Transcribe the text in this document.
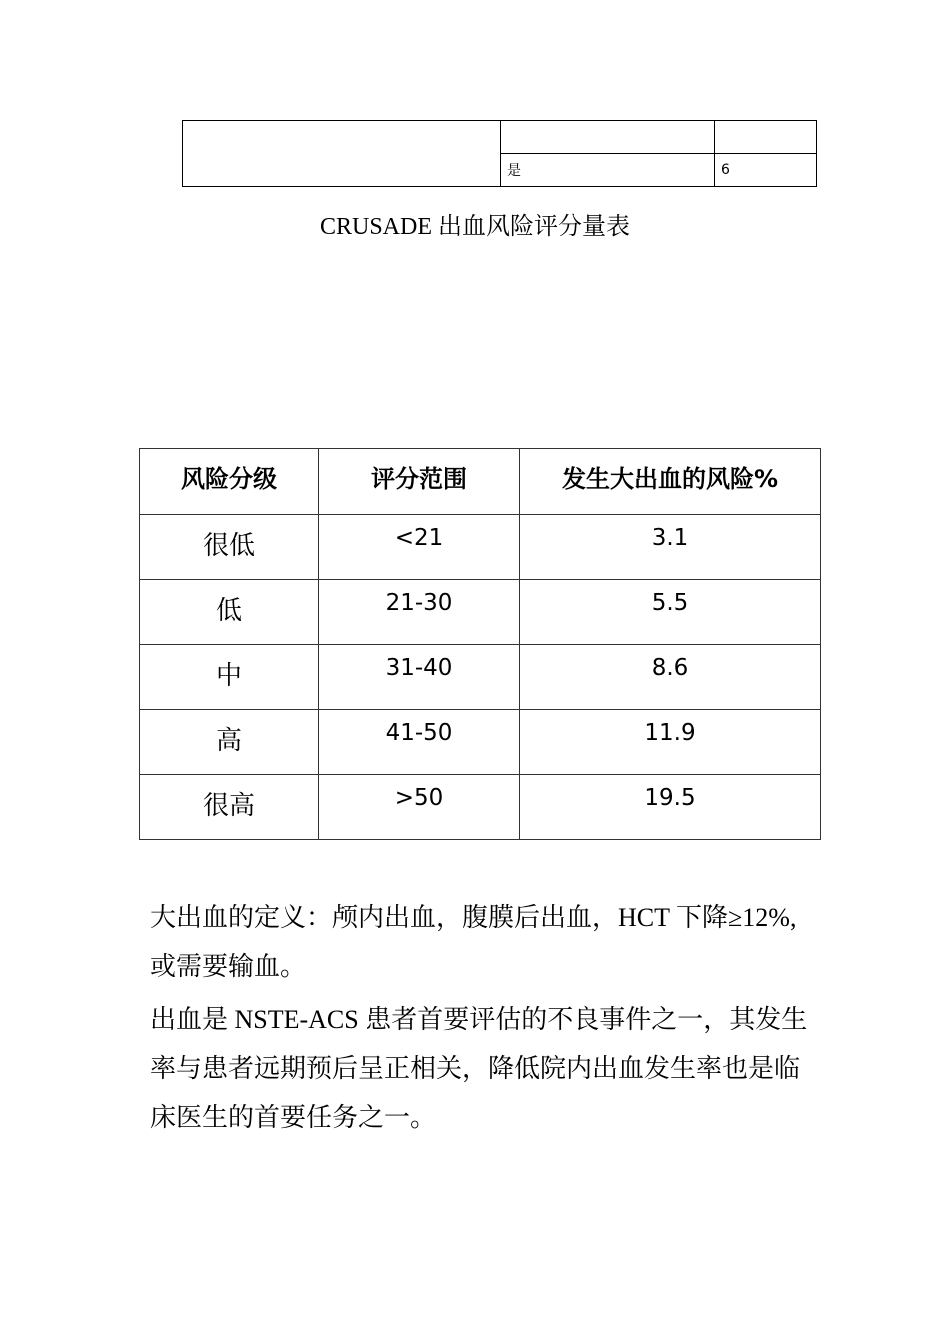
	是	6
CRUSADE 出血风险评分量表
风险分级	评分范围	发生大出血的风险%
很低	<21	3.1
低	21-30	5.5
中	31-40	8.6
高	41-50	11.9
很高	>50	19.5

大出血的定义：颅内出血，腹膜后出血，HCT 下降≥12%,或需要输血。

出血是 NSTE-ACS 患者首要评估的不良事件之一，其发生率与患者远期预后呈正相关，降低院内出血发生率也是临床医生的首要任务之一。
